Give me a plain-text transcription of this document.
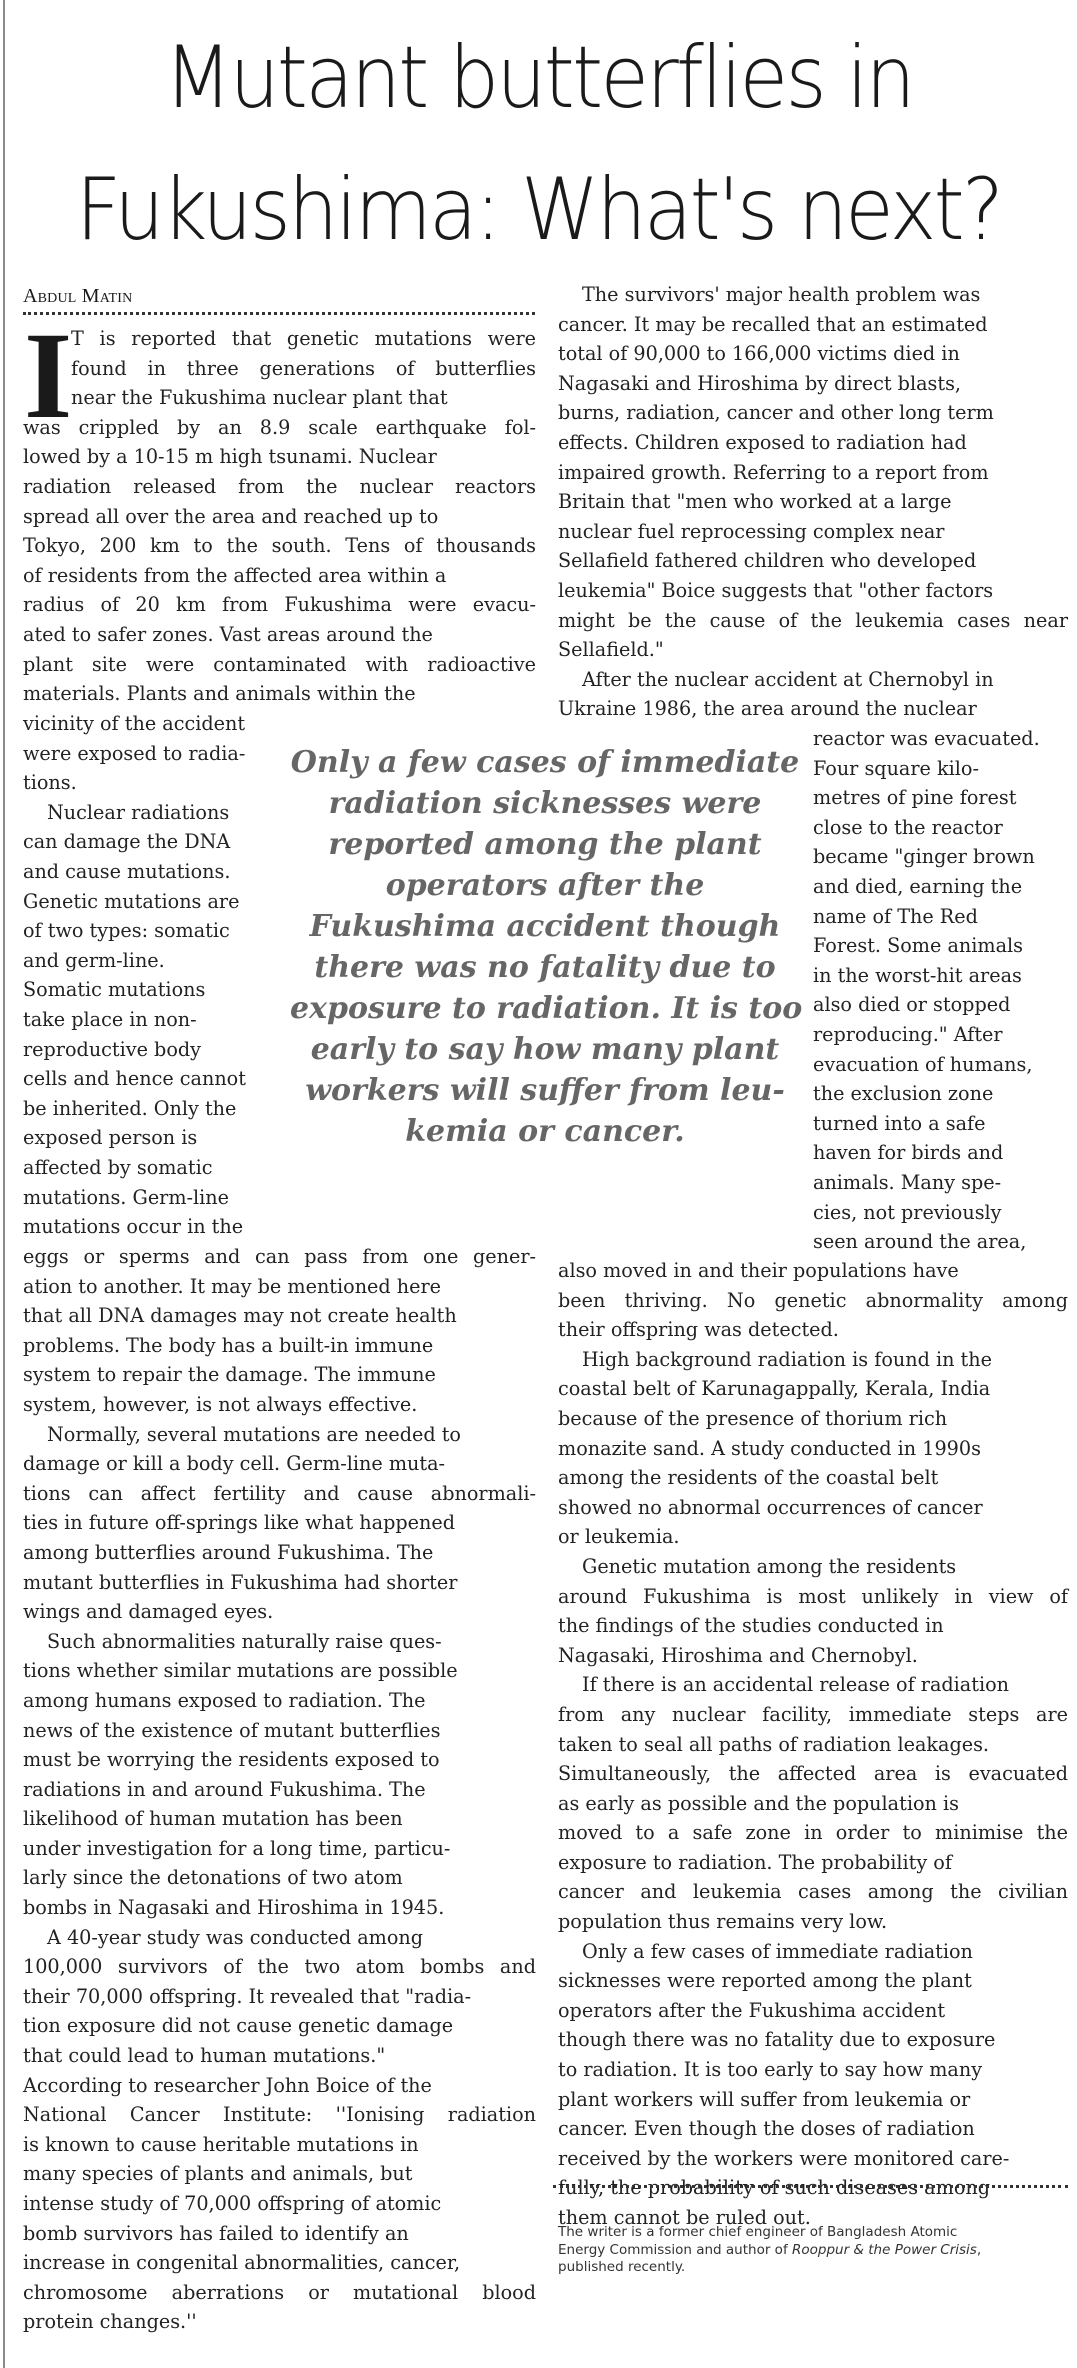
Mutant butterflies in
Fukushima: What's next?
Abdul Matin
I
T is reported that genetic mutations were
found in three generations of butterflies
near the Fukushima nuclear plant that
was crippled by an 8.9 scale earthquake fol-
lowed by a 10-15 m high tsunami. Nuclear
radiation released from the nuclear reactors
spread all over the area and reached up to
Tokyo, 200 km to the south. Tens of thousands
of residents from the affected area within a
radius of 20 km from Fukushima were evacu-
ated to safer zones. Vast areas around the
plant site were contaminated with radioactive
materials. Plants and animals within the
vicinity of the accident
were exposed to radia-
tions.
Nuclear radiations
can damage the DNA
and cause mutations.
Genetic mutations are
of two types: somatic
and germ-line.
Somatic mutations
take place in non-
reproductive body
cells and hence cannot
be inherited. Only the
exposed person is
affected by somatic
mutations. Germ-line
mutations occur in the
eggs or sperms and can pass from one gener-
ation to another. It may be mentioned here
that all DNA damages may not create health
problems. The body has a built-in immune
system to repair the damage. The immune
system, however, is not always effective.
Normally, several mutations are needed to
damage or kill a body cell. Germ-line muta-
tions can affect fertility and cause abnormali-
ties in future off-springs like what happened
among butterflies around Fukushima. The
mutant butterflies in Fukushima had shorter
wings and damaged eyes.
Such abnormalities naturally raise ques-
tions whether similar mutations are possible
among humans exposed to radiation. The
news of the existence of mutant butterflies
must be worrying the residents exposed to
radiations in and around Fukushima. The
likelihood of human mutation has been
under investigation for a long time, particu-
larly since the detonations of two atom
bombs in Nagasaki and Hiroshima in 1945.
A 40-year study was conducted among
100,000 survivors of the two atom bombs and
their 70,000 offspring. It revealed that "radia-
tion exposure did not cause genetic damage
that could lead to human mutations."
According to researcher John Boice of the
National Cancer Institute: ''Ionising radiation
is known to cause heritable mutations in
many species of plants and animals, but
intense study of 70,000 offspring of atomic
bomb survivors has failed to identify an
increase in congenital abnormalities, cancer,
chromosome aberrations or mutational blood
protein changes.''
The survivors' major health problem was
cancer. It may be recalled that an estimated
total of 90,000 to 166,000 victims died in
Nagasaki and Hiroshima by direct blasts,
burns, radiation, cancer and other long term
effects. Children exposed to radiation had
impaired growth. Referring to a report from
Britain that "men who worked at a large
nuclear fuel reprocessing complex near
Sellafield fathered children who developed
leukemia" Boice suggests that "other factors
might be the cause of the leukemia cases near
Sellafield."
After the nuclear accident at Chernobyl in
Ukraine 1986, the area around the nuclear
reactor was evacuated.
Four square kilo-
metres of pine forest
close to the reactor
became "ginger brown
and died, earning the
name of The Red
Forest. Some animals
in the worst-hit areas
also died or stopped
reproducing." After
evacuation of humans,
the exclusion zone
turned into a safe
haven for birds and
animals. Many spe-
cies, not previously
seen around the area,
also moved in and their populations have
been thriving. No genetic abnormality among
their offspring was detected.
High background radiation is found in the
coastal belt of Karunagappally, Kerala, India
because of the presence of thorium rich
monazite sand. A study conducted in 1990s
among the residents of the coastal belt
showed no abnormal occurrences of cancer
or leukemia.
Genetic mutation among the residents
around Fukushima is most unlikely in view of
the findings of the studies conducted in
Nagasaki, Hiroshima and Chernobyl.
If there is an accidental release of radiation
from any nuclear facility, immediate steps are
taken to seal all paths of radiation leakages.
Simultaneously, the affected area is evacuated
as early as possible and the population is
moved to a safe zone in order to minimise the
exposure to radiation. The probability of
cancer and leukemia cases among the civilian
population thus remains very low.
Only a few cases of immediate radiation
sicknesses were reported among the plant
operators after the Fukushima accident
though there was no fatality due to exposure
to radiation. It is too early to say how many
plant workers will suffer from leukemia or
cancer. Even though the doses of radiation
received by the workers were monitored care-
fully, the probability of such diseases among
them cannot be ruled out.
Only a few cases of immediate
radiation sicknesses were
reported among the plant
operators after the
Fukushima accident though
there was no fatality due to
exposure to radiation. It is too
early to say how many plant
workers will suffer from leu-
kemia or cancer.
The writer is a former chief engineer of Bangladesh Atomic
Energy Commission and author of Rooppur & the Power Crisis,
published recently.
